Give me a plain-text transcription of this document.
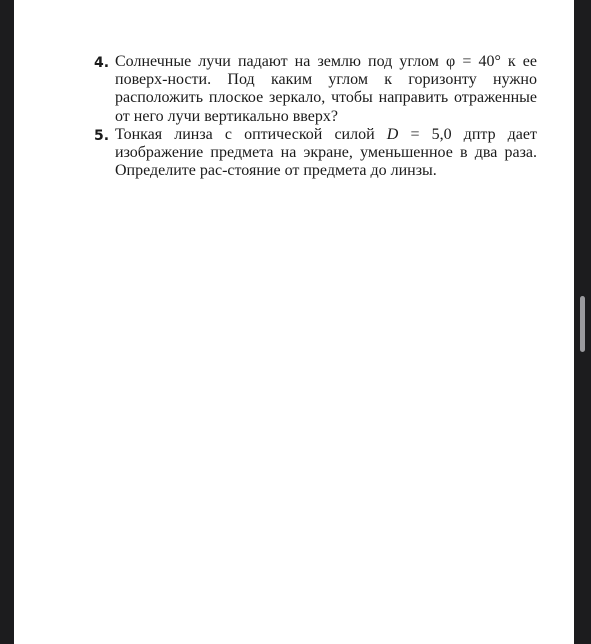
4. Солнечные лучи падают на землю под углом φ = 40° к ее поверх-ности. Под каким углом к горизонту нужно расположить плоское зеркало, чтобы направить отраженные от него лучи вертикально вверх?
5. Тонкая линза с оптической силой D = 5,0 дптр дает изображение предмета на экране, уменьшенное в два раза. Определите рас-стояние от предмета до линзы.
